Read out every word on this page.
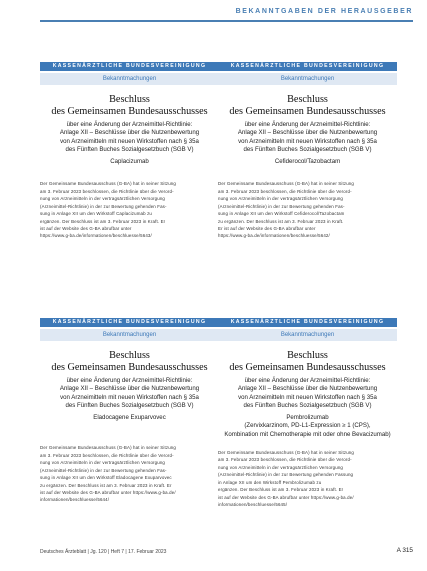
BEKANNTGABEN DER HERAUSGEBER
KASSENÄRZTLICHE BUNDESVEREINIGUNG
Bekanntmachungen
Beschluss
des Gemeinsamen Bundesausschusses
über eine Änderung der Arzneimittel-Richtlinie:
Anlage XII – Beschlüsse über die Nutzenbewertung
von Arzneimitteln mit neuen Wirkstoffen nach § 35a
des Fünften Buches Sozialgesetzbuch (SGB V)
Caplacizumab
Der Gemeinsame Bundesausschuss (G-BA) hat in seiner Sitzung
am 3. Februar 2023 beschlossen, die Richtlinie über die Verord-
nung von Arzneimitteln in der vertragsärztlichen Versorgung
(Arzneimittel-Richtlinie) in der zur Bewertung gehenden Fas-
sung in Anlage XII um den Wirkstoff Caplacizumab zu
ergänzen. Der Beschluss ist am 3. Februar 2023 in Kraft. Er
ist auf der Website des G-BA abrufbar unter
https://www.g-ba.de/informationen/beschluesse/5643/
KASSENÄRZTLICHE BUNDESVEREINIGUNG
Bekanntmachungen
Beschluss
des Gemeinsamen Bundesausschusses
über eine Änderung der Arzneimittel-Richtlinie:
Anlage XII – Beschlüsse über die Nutzenbewertung
von Arzneimitteln mit neuen Wirkstoffen nach § 35a
des Fünften Buches Sozialgesetzbuch (SGB V)
Cefiderocol/Tazobactam
Der Gemeinsame Bundesausschuss (G-BA) hat in seiner Sitzung
am 3. Februar 2023 beschlossen, die Richtlinie über die Verord-
nung von Arzneimitteln in der vertragsärztlichen Versorgung
(Arzneimittel-Richtlinie) in der zur Bewertung gehenden Fas-
sung in Anlage XII um den Wirkstoff Cefiderocol/Tazobactam
zu ergänzen. Der Beschluss ist am 3. Februar 2023 in Kraft.
Er ist auf der Website des G-BA abrufbar unter
https://www.g-ba.de/informationen/beschluesse/5642/
KASSENÄRZTLICHE BUNDESVEREINIGUNG
Bekanntmachungen
Beschluss
des Gemeinsamen Bundesausschusses
über eine Änderung der Arzneimittel-Richtlinie:
Anlage XII – Beschlüsse über die Nutzenbewertung
von Arzneimitteln mit neuen Wirkstoffen nach § 35a
des Fünften Buches Sozialgesetzbuch (SGB V)
Eladocagene Exuparvovec
Der Gemeinsame Bundesausschuss (G-BA) hat in seiner Sitzung
am 3. Februar 2023 beschlossen, die Richtlinie über die Verord-
nung von Arzneimitteln in der vertragsärztlichen Versorgung
(Arzneimittel-Richtlinie) in der zur Bewertung gehenden Fas-
sung in Anlage XII um den Wirkstoff Eladocagene Exuparvovec
zu ergänzen. Der Beschluss ist am 3. Februar 2023 in Kraft. Er
ist auf der Website des G-BA abrufbar unter https://www.g-ba.de/
informationen/beschluesse/5644/
KASSENÄRZTLICHE BUNDESVEREINIGUNG
Bekanntmachungen
Beschluss
des Gemeinsamen Bundesausschusses
über eine Änderung der Arzneimittel-Richtlinie:
Anlage XII – Beschlüsse über die Nutzenbewertung
von Arzneimitteln mit neuen Wirkstoffen nach § 35a
des Fünften Buches Sozialgesetzbuch (SGB V)
Pembrolizumab
(Zervixkarzinom, PD-L1-Expression ≥ 1 (CPS),
Kombination mit Chemotherapie mit oder ohne Bevacizumab)
Der Gemeinsame Bundesausschuss (G-BA) hat in seiner Sitzung
am 3. Februar 2023 beschlossen, die Richtlinie über die Verord-
nung von Arzneimitteln in der vertragsärztlichen Versorgung
(Arzneimittel-Richtlinie) in der zur Bewertung gehenden Fassung
in Anlage XII um den Wirkstoff Pembrolizumab zu
ergänzen. Der Beschluss ist am 3. Februar 2023 in Kraft. Er
ist auf der Website des G-BA abrufbar unter https://www.g-ba.de/
informationen/beschluesse/5645/
Deutsches Ärzteblatt | Jg. 120 | Heft 7 | 17. Februar 2023	A 315
